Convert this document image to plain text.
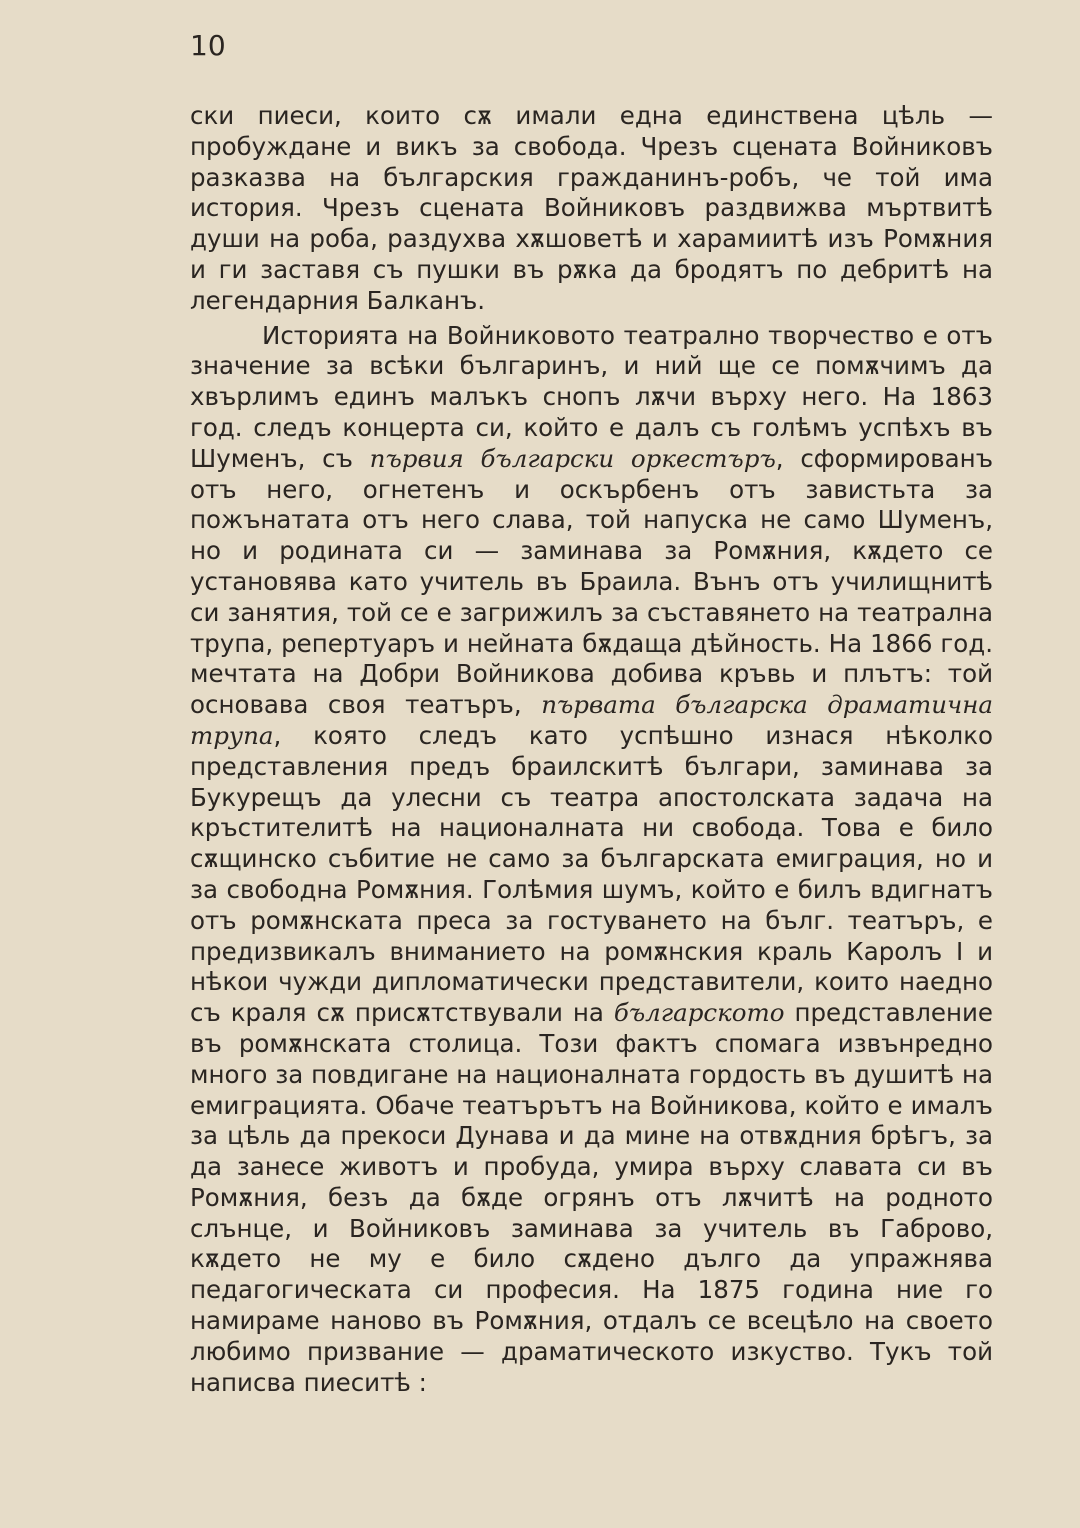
10

ски пиеси, които сѫ имали една единствена цѣль — пробуждане и викъ за свобода. Чрезъ сцената Войниковъ разказва на българския гражданинъ-робъ, че той има история. Чрезъ сцената Войниковъ раздвижва мъртвитѣ души на роба, раздухва хѫшоветѣ и харамиитѣ изъ Ромѫния и ги заставя съ пушки въ рѫка да бродятъ по дебритѣ на легендарния Балканъ.

Историята на Войниковото театрално творчество е отъ значение за всѣки българинъ, и ний ще се помѫчимъ да хвърлимъ единъ малъкъ снопъ лѫчи върху него. На 1863 год. следъ концерта си, който е далъ съ голѣмъ успѣхъ въ Шуменъ, съ първия български оркестъръ, сформированъ отъ него, огнетенъ и оскърбенъ отъ завистьта за пожънатата отъ него слава, той напуска не само Шуменъ, но и родината си — заминава за Ромѫния, кѫдето се установява като учитель въ Браила. Вънъ отъ училищнитѣ си занятия, той се е загрижилъ за съставянето на театрална трупа, репертуаръ и нейната бѫдаща дѣйность. На 1866 год. мечтата на Добри Войникова добива кръвь и плътъ: той основава своя театъръ, първата българска драматична трупа, която следъ като успѣшно изнася нѣколко представления предъ браилскитѣ българи, заминава за Букурещъ да улесни съ театра апостолската задача на кръстителитѣ на националната ни свобода. Това е било сѫщинско събитие не само за българската емиграция, но и за свободна Ромѫния. Голѣмия шумъ, който е билъ вдигнатъ отъ ромѫнската преса за гостуването на бълг. театъръ, е предизвикалъ вниманието на ромѫнския краль Каролъ I и нѣкои чужди дипломатически представители, които наедно съ краля сѫ присѫтствували на българското представление въ ромѫнската столица. Този фактъ спомага извънредно много за повдигане на националната гордость въ душитѣ на емиграцията. Обаче театърътъ на Войникова, който е ималъ за цѣль да прекоси Дунава и да мине на отвѫдния брѣгъ, за да занесе животъ и пробуда, умира върху славата си въ Ромѫния, безъ да бѫде огрянъ отъ лѫчитѣ на родното слънце, и Войниковъ заминава за учитель въ Габрово, кѫдето не му е било сѫдено дълго да упражнява педагогическата си професия. На 1875 година ние го намираме наново въ Ромѫния, отдалъ се всецѣло на своето любимо призвание — драматическото изкуство. Тукъ той написва пиеситѣ :
